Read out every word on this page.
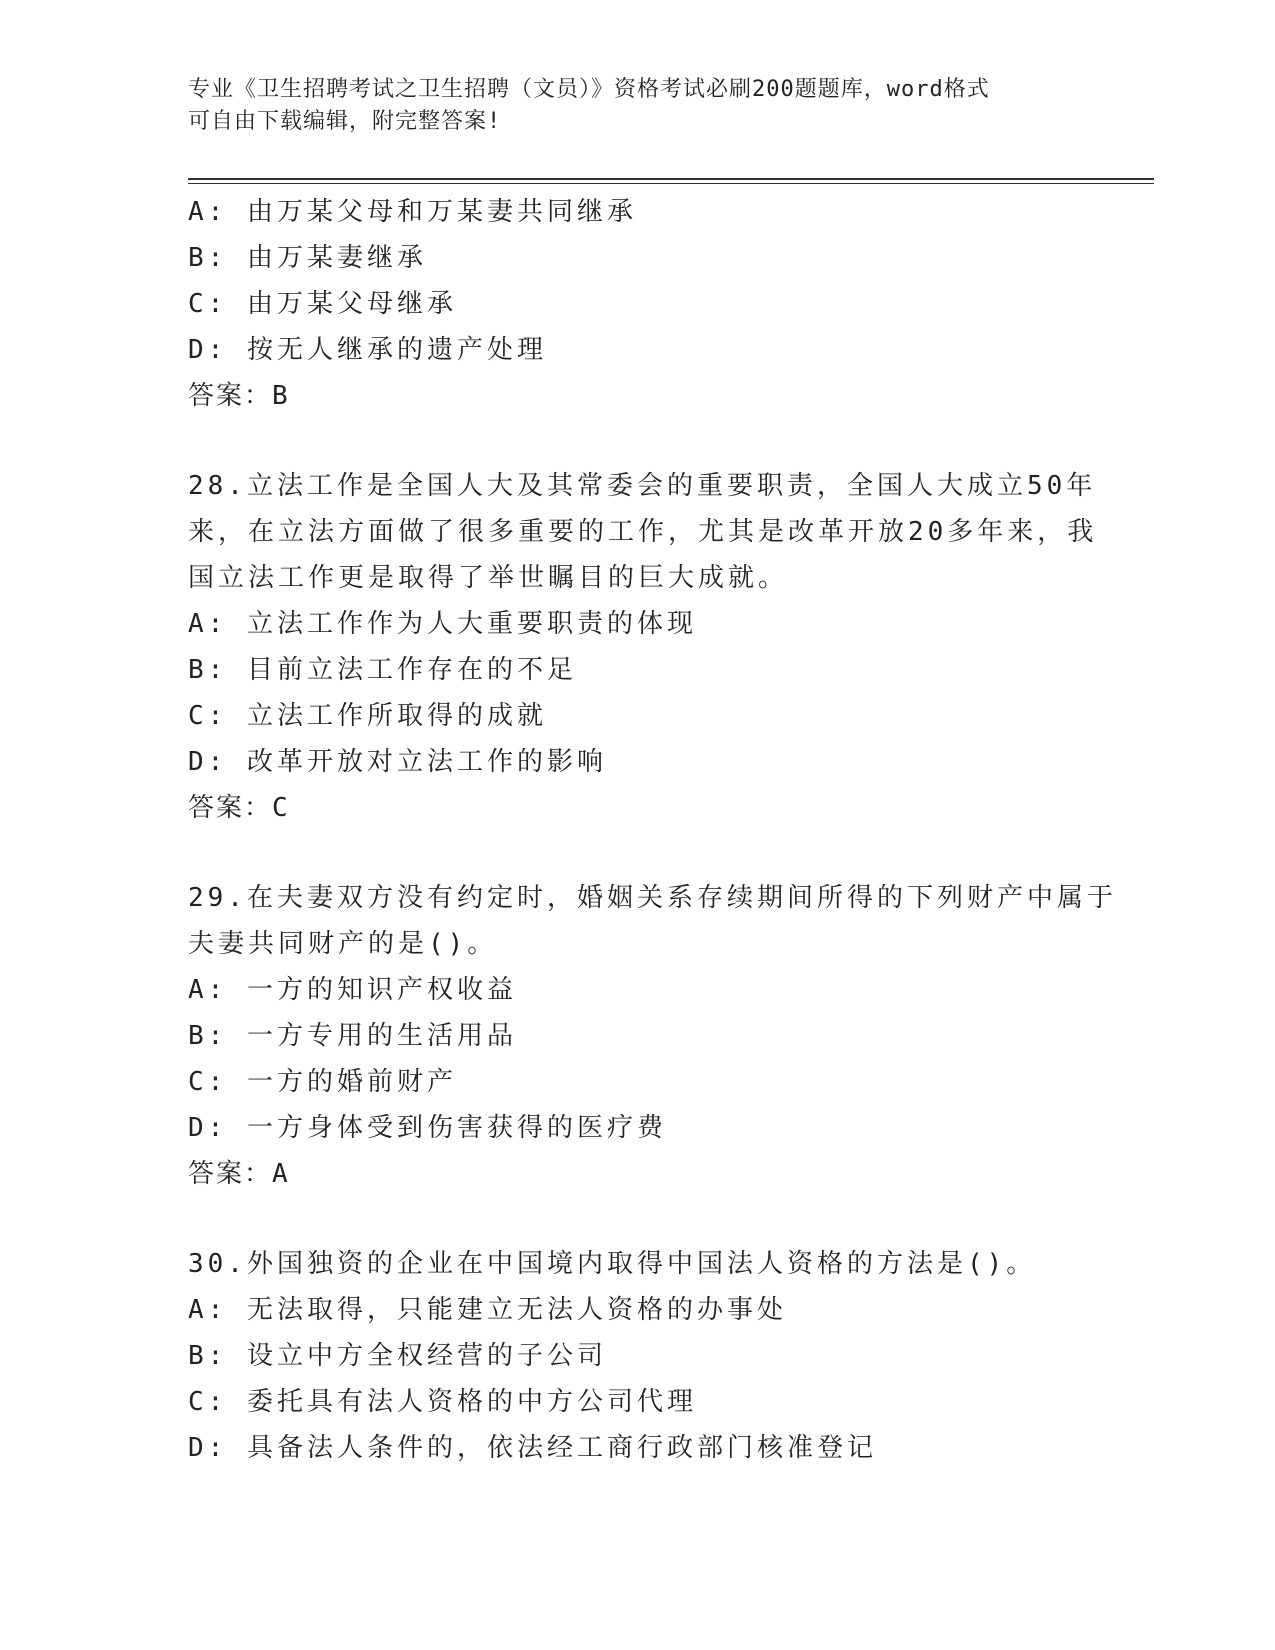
专业《卫生招聘考试之卫生招聘（文员）》资格考试必刷200题题库，word格式
可自由下载编辑，附完整答案!
A: 由万某父母和万某妻共同继承
B: 由万某妻继承
C: 由万某父母继承
D: 按无人继承的遗产处理
答案：B
28.立法工作是全国人大及其常委会的重要职责，全国人大成立50年
来，在立法方面做了很多重要的工作，尤其是改革开放20多年来，我
国立法工作更是取得了举世瞩目的巨大成就。
A: 立法工作作为人大重要职责的体现
B: 目前立法工作存在的不足
C: 立法工作所取得的成就
D: 改革开放对立法工作的影响
答案：C
29.在夫妻双方没有约定时，婚姻关系存续期间所得的下列财产中属于
夫妻共同财产的是()。
A: 一方的知识产权收益
B: 一方专用的生活用品
C: 一方的婚前财产
D: 一方身体受到伤害获得的医疗费
答案：A
30.外国独资的企业在中国境内取得中国法人资格的方法是()。
A: 无法取得，只能建立无法人资格的办事处
B: 设立中方全权经营的子公司
C: 委托具有法人资格的中方公司代理
D: 具备法人条件的，依法经工商行政部门核准登记
